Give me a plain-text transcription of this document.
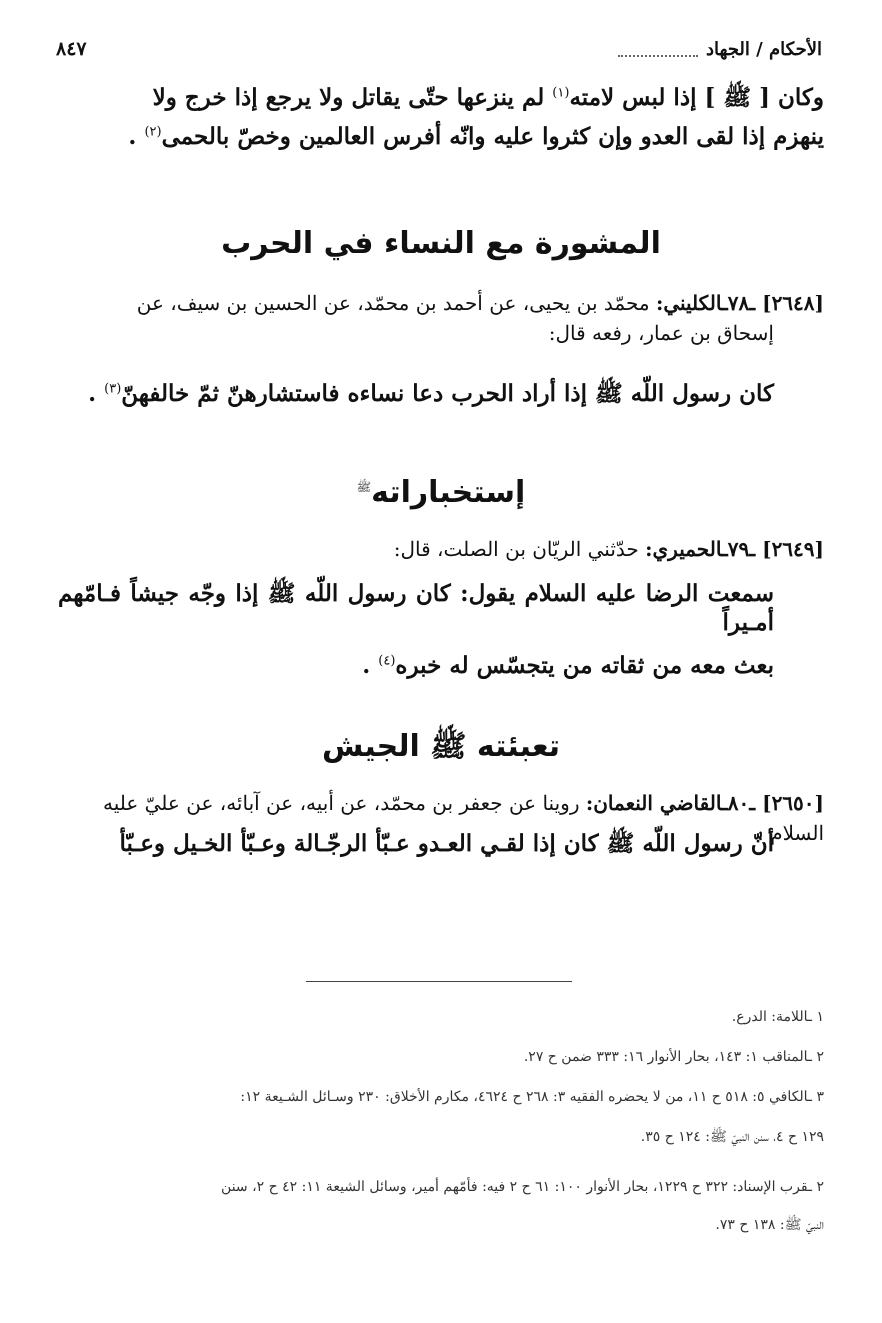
٨٤٧	الأحكام / الجهاد
وكان [ ﷺ ] إذا لبس لامته$^{(١)}$ لم ينزعها حتّى يقاتل ولا يرجع إذا خرج ولا
ينهزم إذا لقى العدو وإن كثروا عليه وانّه أفرس العالمين وخصّ بالحمى$^{(٢)}$ .
المشورة مع النساء في الحرب
[٢٦٤٨] ـ٧٨ـالكليني: محمّد بن يحيى، عن أحمد بن محمّد، عن الحسين بن سيف، عن
إسحاق بن عمار، رفعه قال:
كان رسول اللّه ﷺ إذا أراد الحرب دعا نساءه فاستشارهنّ ثمّ خالفهنّ$^{(٣)}$ .
إستخباراته$^ﷺ$
[٢٦٤٩] ـ٧٩ـالحميري: حدّثني الريّان بن الصلت، قال:
سمعت الرضا عليه السلام يقول: كان رسول اللّه ﷺ إذا وجّه جيشاً فـامّهم أمـيراً
بعث معه من ثقاته من يتجسّس له خبره$^{(٤)}$ .
تعبئته ﷺ الجيش
[٢٦٥٠] ـ٨٠ـالقاضي النعمان: روينا عن جعفر بن محمّد، عن أبيه، عن آبائه، عن عليّ عليه السلام :
أنّ رسول اللّه ﷺ كان إذا لقـي العـدو عـبّأ الرجّـالة وعـبّأ الخـيل وعـبّأ
١ ـاللامة: الدرع.
٢ ـالمناقب ١: ١٤٣، بحار الأنوار ١٦: ٣٣٣ ضمن ح ٢٧.
٣ ـالكافي ٥: ٥١٨ ح ١١، من لا يحضره الفقيه ٣: ٢٦٨ ح ٤٦٢٤، مكارم الأخلاق: ٢٣٠ وسـائل الشـيعة ١٢:
١٢٩ ح ٤، سنن النبيّ ﷺ: ١٢٤ ح ٣٥.
٢ ـقرب الإسناد: ٣٢٢ ح ١٢٢٩، بحار الأنوار ١٠٠: ٦١ ح ٢ فيه: فأمّهم أمير، وسائل الشيعة ١١: ٤٢ ح ٢، سنن
النبيّ ﷺ: ١٣٨ ح ٧٣.
